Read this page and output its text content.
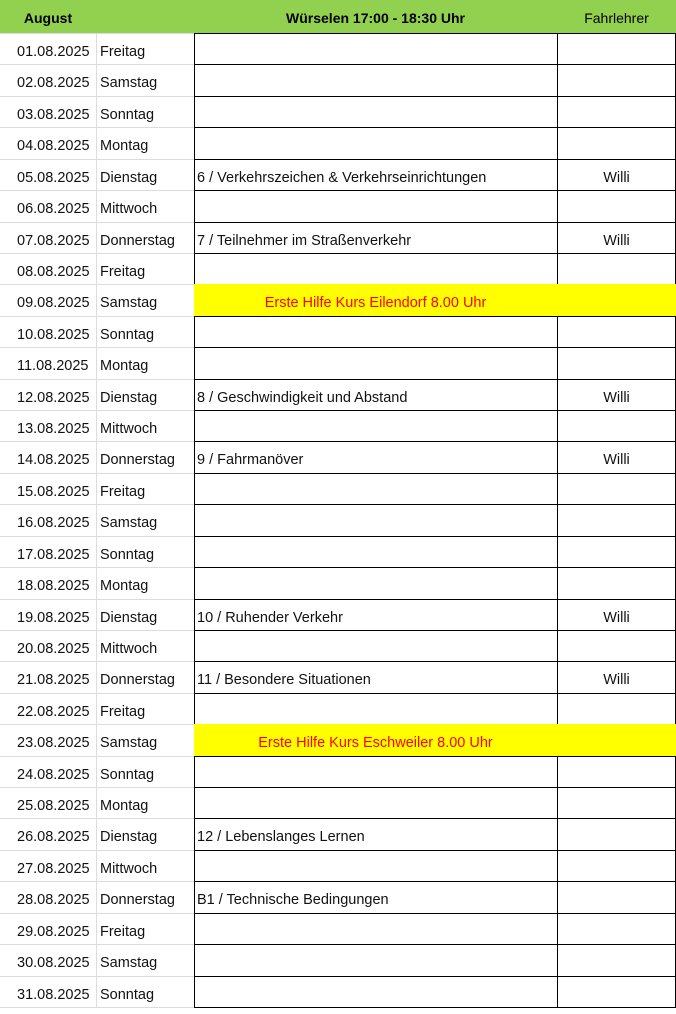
August	Würselen 17:00 - 18:30 Uhr	Fahrlehrer
01.08.2025 Freitag
02.08.2025 Samstag
03.08.2025 Sonntag
04.08.2025 Montag
05.08.2025 Dienstag	6 / Verkehrszeichen & Verkehrseinrichtungen	Willi
06.08.2025 Mittwoch
07.08.2025 Donnerstag	7 / Teilnehmer im Straßenverkehr	Willi
08.08.2025 Freitag
09.08.2025 Samstag	Erste Hilfe Kurs Eilendorf 8.00 Uhr
10.08.2025 Sonntag
11.08.2025 Montag
12.08.2025 Dienstag	8 / Geschwindigkeit und Abstand	Willi
13.08.2025 Mittwoch
14.08.2025 Donnerstag	9 / Fahrmanöver	Willi
15.08.2025 Freitag
16.08.2025 Samstag
17.08.2025 Sonntag
18.08.2025 Montag
19.08.2025 Dienstag	10 / Ruhender Verkehr	Willi
20.08.2025 Mittwoch
21.08.2025 Donnerstag	11 / Besondere Situationen	Willi
22.08.2025 Freitag
23.08.2025 Samstag	Erste Hilfe Kurs Eschweiler 8.00 Uhr
24.08.2025 Sonntag
25.08.2025 Montag
26.08.2025 Dienstag	12 / Lebenslanges Lernen
27.08.2025 Mittwoch
28.08.2025 Donnerstag	B1 / Technische Bedingungen
29.08.2025 Freitag
30.08.2025 Samstag
31.08.2025 Sonntag
